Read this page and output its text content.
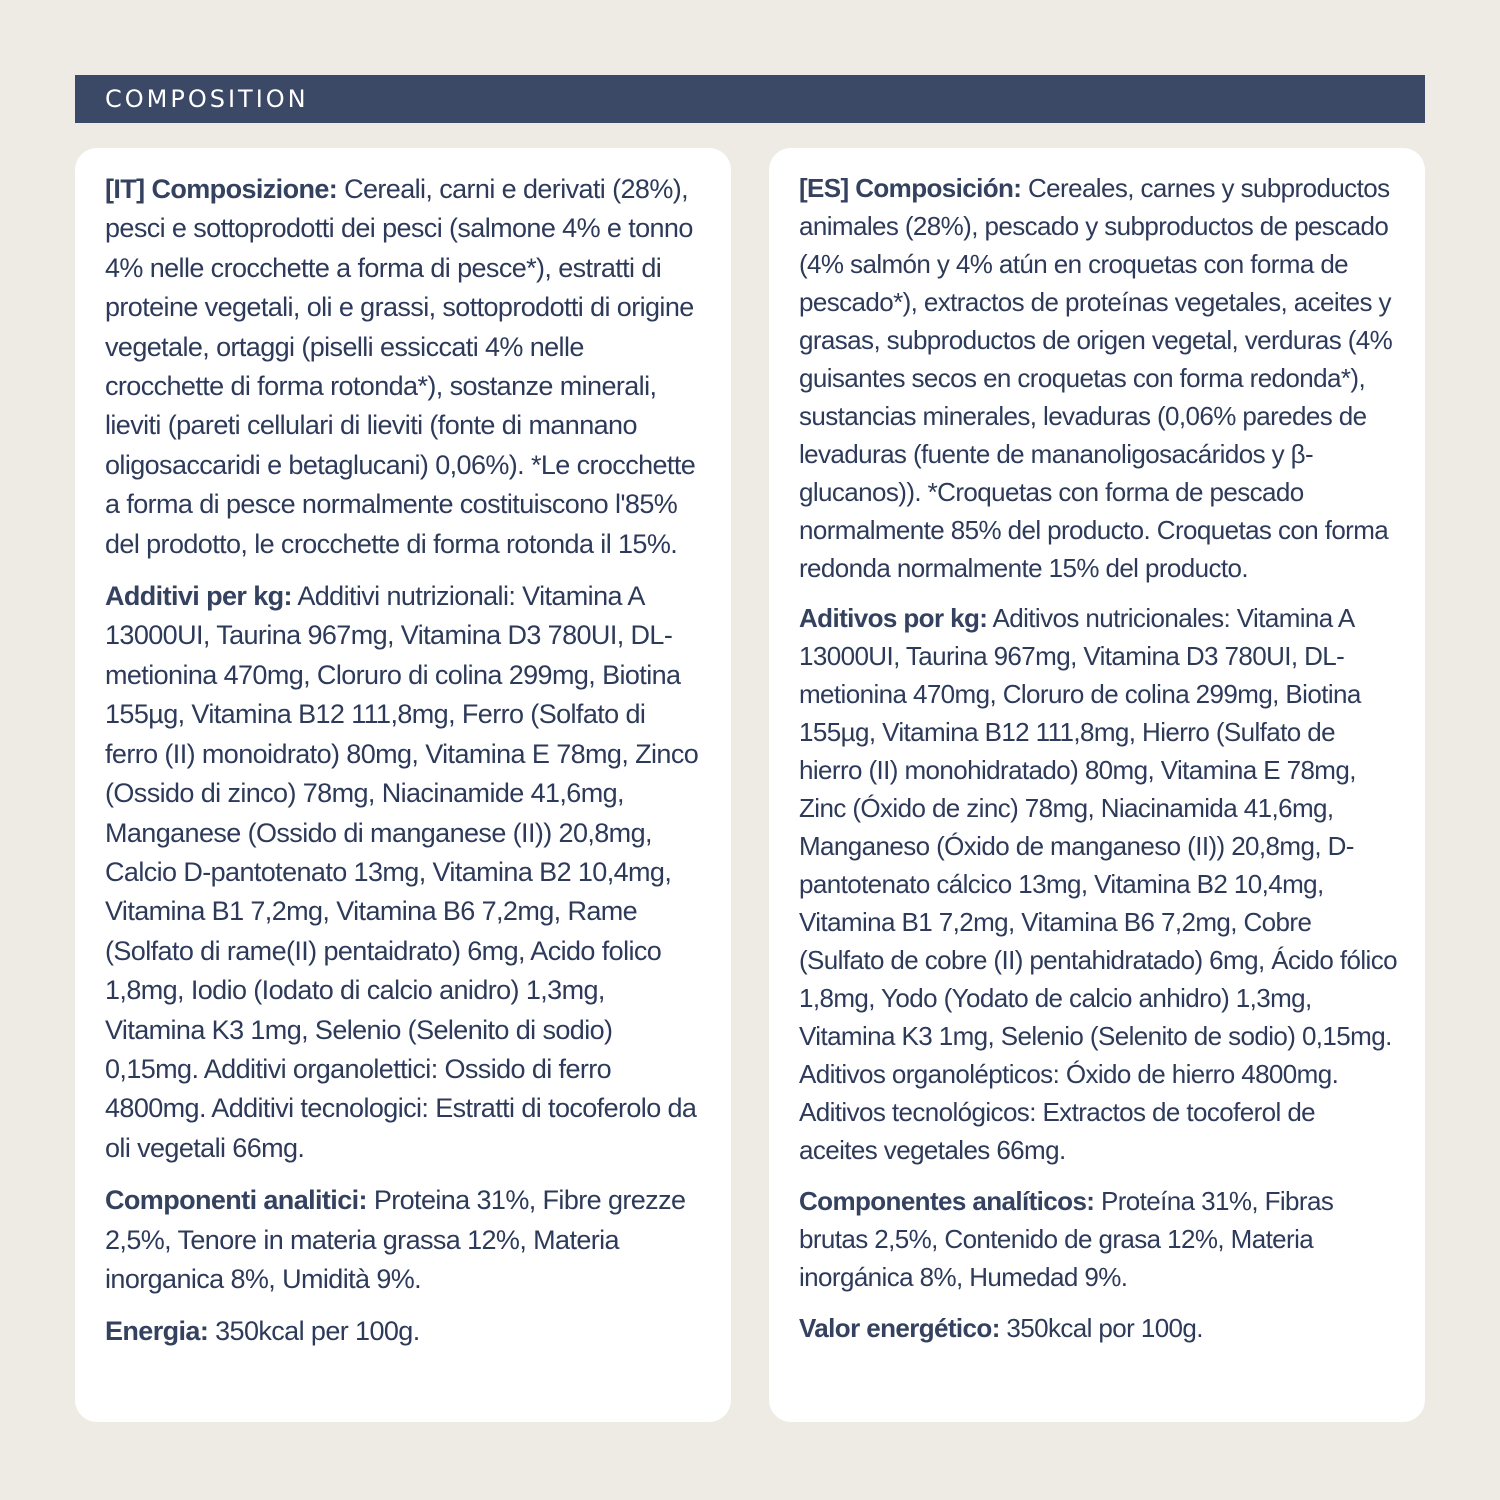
COMPOSITION

[IT] Composizione: Cereali, carni e derivati (28%), pesci e sottoprodotti dei pesci (salmone 4% e tonno 4% nelle crocchette a forma di pesce*), estratti di proteine vegetali, oli e grassi, sottoprodotti di origine vegetale, ortaggi (piselli essiccati 4% nelle crocchette di forma rotonda*), sostanze minerali, lieviti (pareti cellulari di lieviti (fonte di mannano oligosaccaridi e betaglucani) 0,06%). *Le crocchette a forma di pesce normalmente costituiscono l'85% del prodotto, le crocchette di forma rotonda il 15%.

Additivi per kg: Additivi nutrizionali: Vitamina A 13000UI, Taurina 967mg, Vitamina D3 780UI, DL-metionina 470mg, Cloruro di colina 299mg, Biotina 155µg, Vitamina B12 111,8mg, Ferro (Solfato di ferro (II) monoidrato) 80mg, Vitamina E 78mg, Zinco (Ossido di zinco) 78mg, Niacinamide 41,6mg, Manganese (Ossido di manganese (II)) 20,8mg, Calcio D-pantotenato 13mg, Vitamina B2 10,4mg, Vitamina B1 7,2mg, Vitamina B6 7,2mg, Rame (Solfato di rame(II) pentaidrato) 6mg, Acido folico 1,8mg, Iodio (Iodato di calcio anidro) 1,3mg, Vitamina K3 1mg, Selenio (Selenito di sodio) 0,15mg. Additivi organolettici: Ossido di ferro 4800mg. Additivi tecnologici: Estratti di tocoferolo da oli vegetali 66mg.

Componenti analitici: Proteina 31%, Fibre grezze 2,5%, Tenore in materia grassa 12%, Materia inorganica 8%, Umidità 9%.

Energia: 350kcal per 100g.

[ES] Composición: Cereales, carnes y subproductos animales (28%), pescado y subproductos de pescado (4% salmón y 4% atún en croquetas con forma de pescado*), extractos de proteínas vegetales, aceites y grasas, subproductos de origen vegetal, verduras (4% guisantes secos en croquetas con forma redonda*), sustancias minerales, levaduras (0,06% paredes de levaduras (fuente de mananoligosacáridos y β-glucanos)). *Croquetas con forma de pescado normalmente 85% del producto. Croquetas con forma redonda normalmente 15% del producto.

Aditivos por kg: Aditivos nutricionales: Vitamina A 13000UI, Taurina 967mg, Vitamina D3 780UI, DL-metionina 470mg, Cloruro de colina 299mg, Biotina 155µg, Vitamina B12 111,8mg, Hierro (Sulfato de hierro (II) monohidratado) 80mg, Vitamina E 78mg, Zinc (Óxido de zinc) 78mg, Niacinamida 41,6mg, Manganeso (Óxido de manganeso (II)) 20,8mg, D-pantotenato cálcico 13mg, Vitamina B2 10,4mg, Vitamina B1 7,2mg, Vitamina B6 7,2mg, Cobre (Sulfato de cobre (II) pentahidratado) 6mg, Ácido fólico 1,8mg, Yodo (Yodato de calcio anhidro) 1,3mg, Vitamina K3 1mg, Selenio (Selenito de sodio) 0,15mg. Aditivos organolépticos: Óxido de hierro 4800mg. Aditivos tecnológicos: Extractos de tocoferol de aceites vegetales 66mg.

Componentes analíticos: Proteína 31%, Fibras brutas 2,5%, Contenido de grasa 12%, Materia inorgánica 8%, Humedad 9%.

Valor energético: 350kcal por 100g.
